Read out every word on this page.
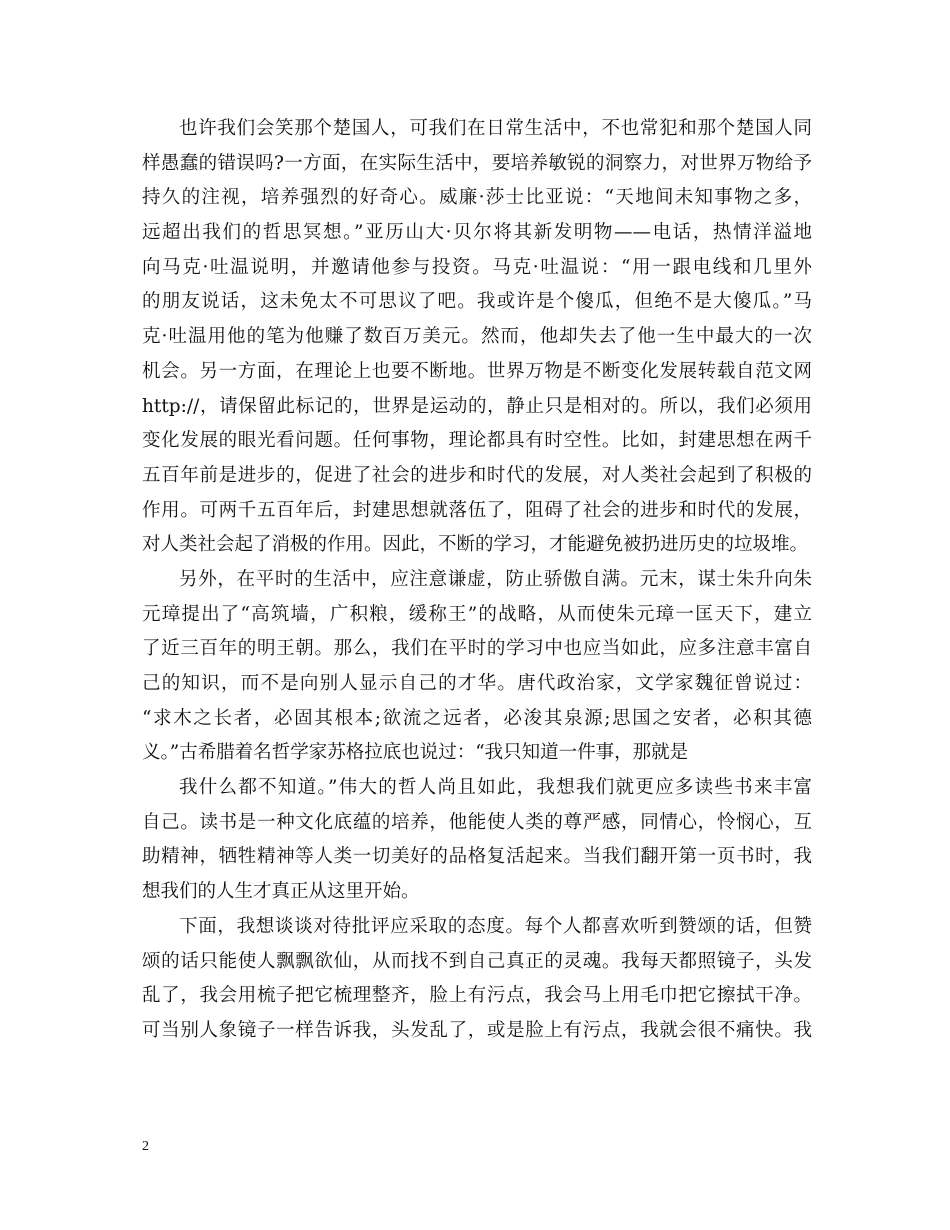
也许我们会笑那个楚国人，可我们在日常生活中，不也常犯和那个楚国人同
样愚蠢的错误吗?一方面，在实际生活中，要培养敏锐的洞察力，对世界万物给予
持久的注视，培养强烈的好奇心。威廉·莎士比亚说：“天地间未知事物之多，
远超出我们的哲思冥想。”亚历山大·贝尔将其新发明物——电话，热情洋溢地
向马克·吐温说明，并邀请他参与投资。马克·吐温说：“用一跟电线和几里外
的朋友说话，这未免太不可思议了吧。我或许是个傻瓜，但绝不是大傻瓜。”马
克·吐温用他的笔为他赚了数百万美元。然而，他却失去了他一生中最大的一次
机会。另一方面，在理论上也要不断地。世界万物是不断变化发展转载自范文网
http://，请保留此标记的，世界是运动的，静止只是相对的。所以，我们必须用
变化发展的眼光看问题。任何事物，理论都具有时空性。比如，封建思想在两千
五百年前是进步的，促进了社会的进步和时代的发展，对人类社会起到了积极的
作用。可两千五百年后，封建思想就落伍了，阻碍了社会的进步和时代的发展，
对人类社会起了消极的作用。因此，不断的学习，才能避免被扔进历史的垃圾堆。
另外，在平时的生活中，应注意谦虚，防止骄傲自满。元末，谋士朱升向朱
元璋提出了“高筑墙，广积粮，缓称王”的战略，从而使朱元璋一匡天下，建立
了近三百年的明王朝。那么，我们在平时的学习中也应当如此，应多注意丰富自
己的知识，而不是向别人显示自己的才华。唐代政治家，文学家魏征曾说过：
“求木之长者，必固其根本;欲流之远者，必浚其泉源;思国之安者，必积其德
义。”古希腊着名哲学家苏格拉底也说过：“我只知道一件事，那就是
我什么都不知道。”伟大的哲人尚且如此，我想我们就更应多读些书来丰富
自己。读书是一种文化底蕴的培养，他能使人类的尊严感，同情心，怜悯心，互
助精神，牺牲精神等人类一切美好的品格复活起来。当我们翻开第一页书时，我
想我们的人生才真正从这里开始。
下面，我想谈谈对待批评应采取的态度。每个人都喜欢听到赞颂的话，但赞
颂的话只能使人飘飘欲仙，从而找不到自己真正的灵魂。我每天都照镜子，头发
乱了，我会用梳子把它梳理整齐，脸上有污点，我会马上用毛巾把它擦拭干净。
可当别人象镜子一样告诉我，头发乱了，或是脸上有污点，我就会很不痛快。我
2
